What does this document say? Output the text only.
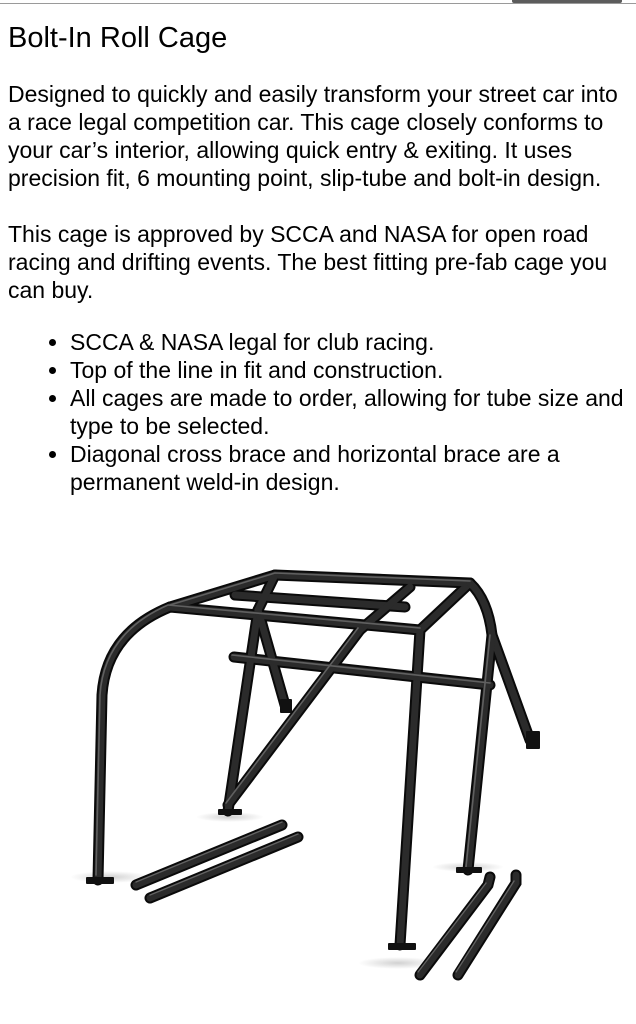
Bolt-In Roll Cage

Designed to quickly and easily transform your street car into a race legal competition car. This cage closely conforms to your car’s interior, allowing quick entry & exiting. It uses precision fit, 6 mounting point, slip-tube and bolt-in design.

This cage is approved by SCCA and NASA for open road racing and drifting events. The best fitting pre-fab cage you can buy.

• SCCA & NASA legal for club racing.
• Top of the line in fit and construction.
• All cages are made to order, allowing for tube size and type to be selected.
• Diagonal cross brace and horizontal brace are a permanent weld-in design.
